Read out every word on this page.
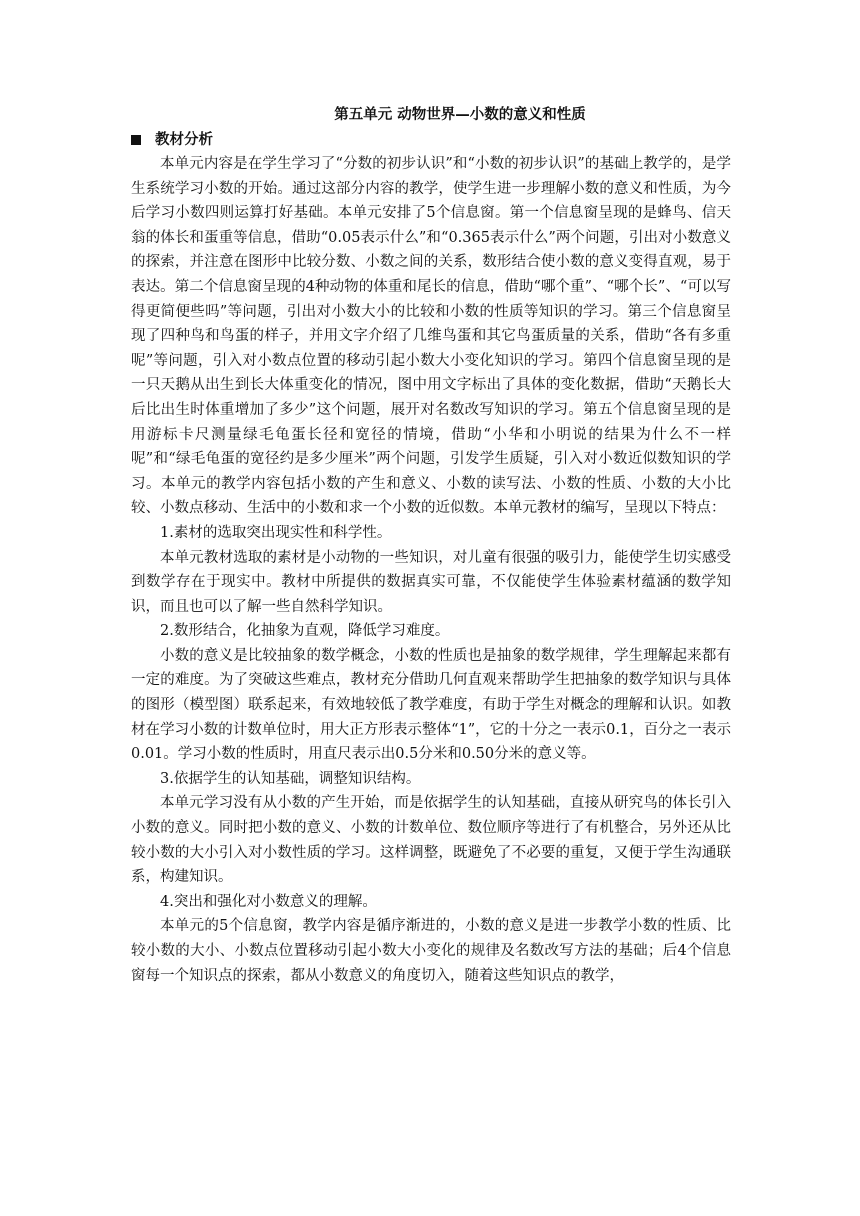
第五单元 动物世界—小数的意义和性质
教材分析

本单元内容是在学生学习了“分数的初步认识”和“小数的初步认识”的基础上教学的，是学生系统学习小数的开始。通过这部分内容的教学，使学生进一步理解小数的意义和性质，为今后学习小数四则运算打好基础。本单元安排了5个信息窗。第一个信息窗呈现的是蜂鸟、信天翁的体长和蛋重等信息，借助“0.05表示什么”和“0.365表示什么”两个问题，引出对小数意义的探索，并注意在图形中比较分数、小数之间的关系，数形结合使小数的意义变得直观，易于表达。第二个信息窗呈现的4种动物的体重和尾长的信息，借助“哪个重”、“哪个长”、“可以写得更简便些吗”等问题，引出对小数大小的比较和小数的性质等知识的学习。第三个信息窗呈现了四种鸟和鸟蛋的样子，并用文字介绍了几维鸟蛋和其它鸟蛋质量的关系，借助“各有多重呢”等问题，引入对小数点位置的移动引起小数大小变化知识的学习。第四个信息窗呈现的是一只天鹅从出生到长大体重变化的情况，图中用文字标出了具体的变化数据，借助“天鹅长大后比出生时体重增加了多少”这个问题，展开对名数改写知识的学习。第五个信息窗呈现的是用游标卡尺测量绿毛龟蛋长径和宽径的情境，借助“小华和小明说的结果为什么不一样呢”和“绿毛龟蛋的宽径约是多少厘米”两个问题，引发学生质疑，引入对小数近似数知识的学习。本单元的教学内容包括小数的产生和意义、小数的读写法、小数的性质、小数的大小比较、小数点移动、生活中的小数和求一个小数的近似数。本单元教材的编写，呈现以下特点：

1.素材的选取突出现实性和科学性。

本单元教材选取的素材是小动物的一些知识，对儿童有很强的吸引力，能使学生切实感受到数学存在于现实中。教材中所提供的数据真实可靠，不仅能使学生体验素材蕴涵的数学知识，而且也可以了解一些自然科学知识。

2.数形结合，化抽象为直观，降低学习难度。

小数的意义是比较抽象的数学概念，小数的性质也是抽象的数学规律，学生理解起来都有一定的难度。为了突破这些难点，教材充分借助几何直观来帮助学生把抽象的数学知识与具体的图形（模型图）联系起来，有效地较低了教学难度，有助于学生对概念的理解和认识。如教材在学习小数的计数单位时，用大正方形表示整体“1”，它的十分之一表示0.1，百分之一表示0.01。学习小数的性质时，用直尺表示出0.5分米和0.50分米的意义等。

3.依据学生的认知基础，调整知识结构。

本单元学习没有从小数的产生开始，而是依据学生的认知基础，直接从研究鸟的体长引入小数的意义。同时把小数的意义、小数的计数单位、数位顺序等进行了有机整合，另外还从比较小数的大小引入对小数性质的学习。这样调整，既避免了不必要的重复，又便于学生沟通联系，构建知识。

4.突出和强化对小数意义的理解。

本单元的5个信息窗，教学内容是循序渐进的，小数的意义是进一步教学小数的性质、比较小数的大小、小数点位置移动引起小数大小变化的规律及名数改写方法的基础；后4个信息窗每一个知识点的探索，都从小数意义的角度切入，随着这些知识点的教学，
